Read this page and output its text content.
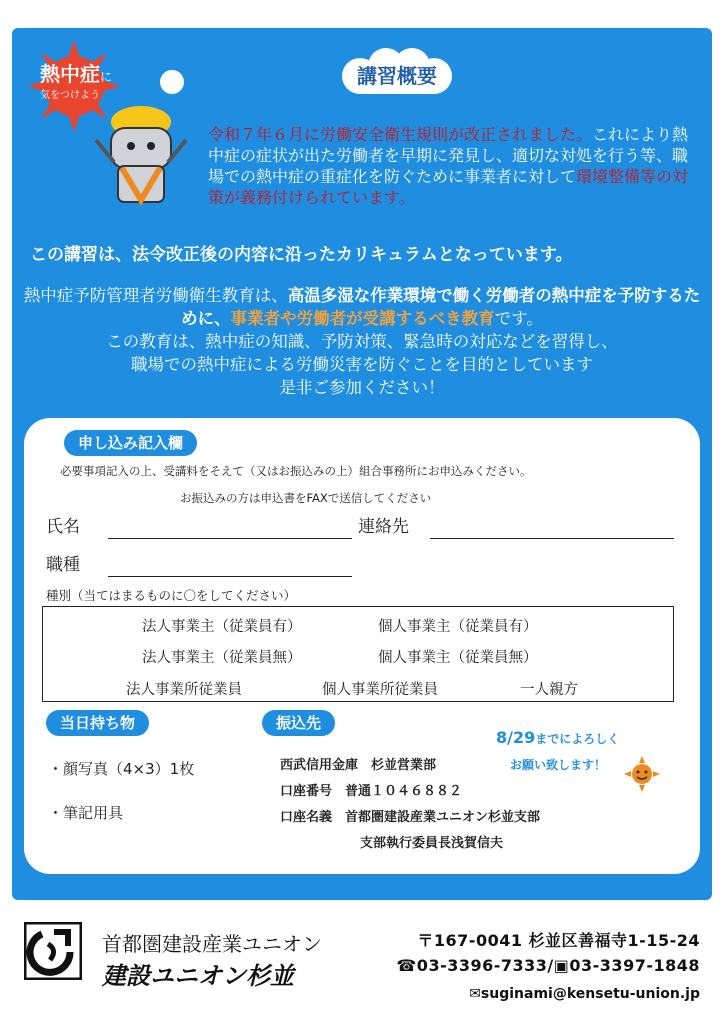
熱中症に
気をつけよう
講習概要
令和７年６月に労働安全衛生規則が改正されました。これにより熱中症の症状が出た労働者を早期に発見し、適切な対処を行う等、職場での熱中症の重症化を防ぐために事業者に対して環境整備等の対策が義務付けられています。
この講習は、法令改正後の内容に沿ったカリキュラムとなっています。
熱中症予防管理者労働衛生教育は、高温多湿な作業環境で働く労働者の熱中症を予防するために、事業者や労働者が受講するべき教育です。
この教育は、熱中症の知識、予防対策、緊急時の対応などを習得し、
職場での熱中症による労働災害を防ぐことを目的としています
是非ご参加ください！
申し込み記入欄
必要事項記入の上、受講料をそえて（又はお振込みの上）組合事務所にお申込みください。
お振込みの方は申込書をFAXで送信してください
氏名	連絡先
職種
種別（当てはまるものに〇をしてください）
法人事業主（従業員有）	個人事業主（従業員有）
法人事業主（従業員無）	個人事業主（従業員無）
法人事業所従業員	個人事業所従業員	一人親方
当日持ち物
・顔写真（4×3）1枚
・筆記用具
振込先
西武信用金庫　杉並営業部
口座番号　普通１０４６８８２
口座名義　首都圏建設産業ユニオン杉並支部
支部執行委員長浅賀信夫
8/29までによろしく
お願い致します！
首都圏建設産業ユニオン
建設ユニオン杉並
〒167-0041 杉並区善福寺1-15-24
☎03-3396-7333/▣03-3397-1848
✉suginami@kensetu-union.jp
